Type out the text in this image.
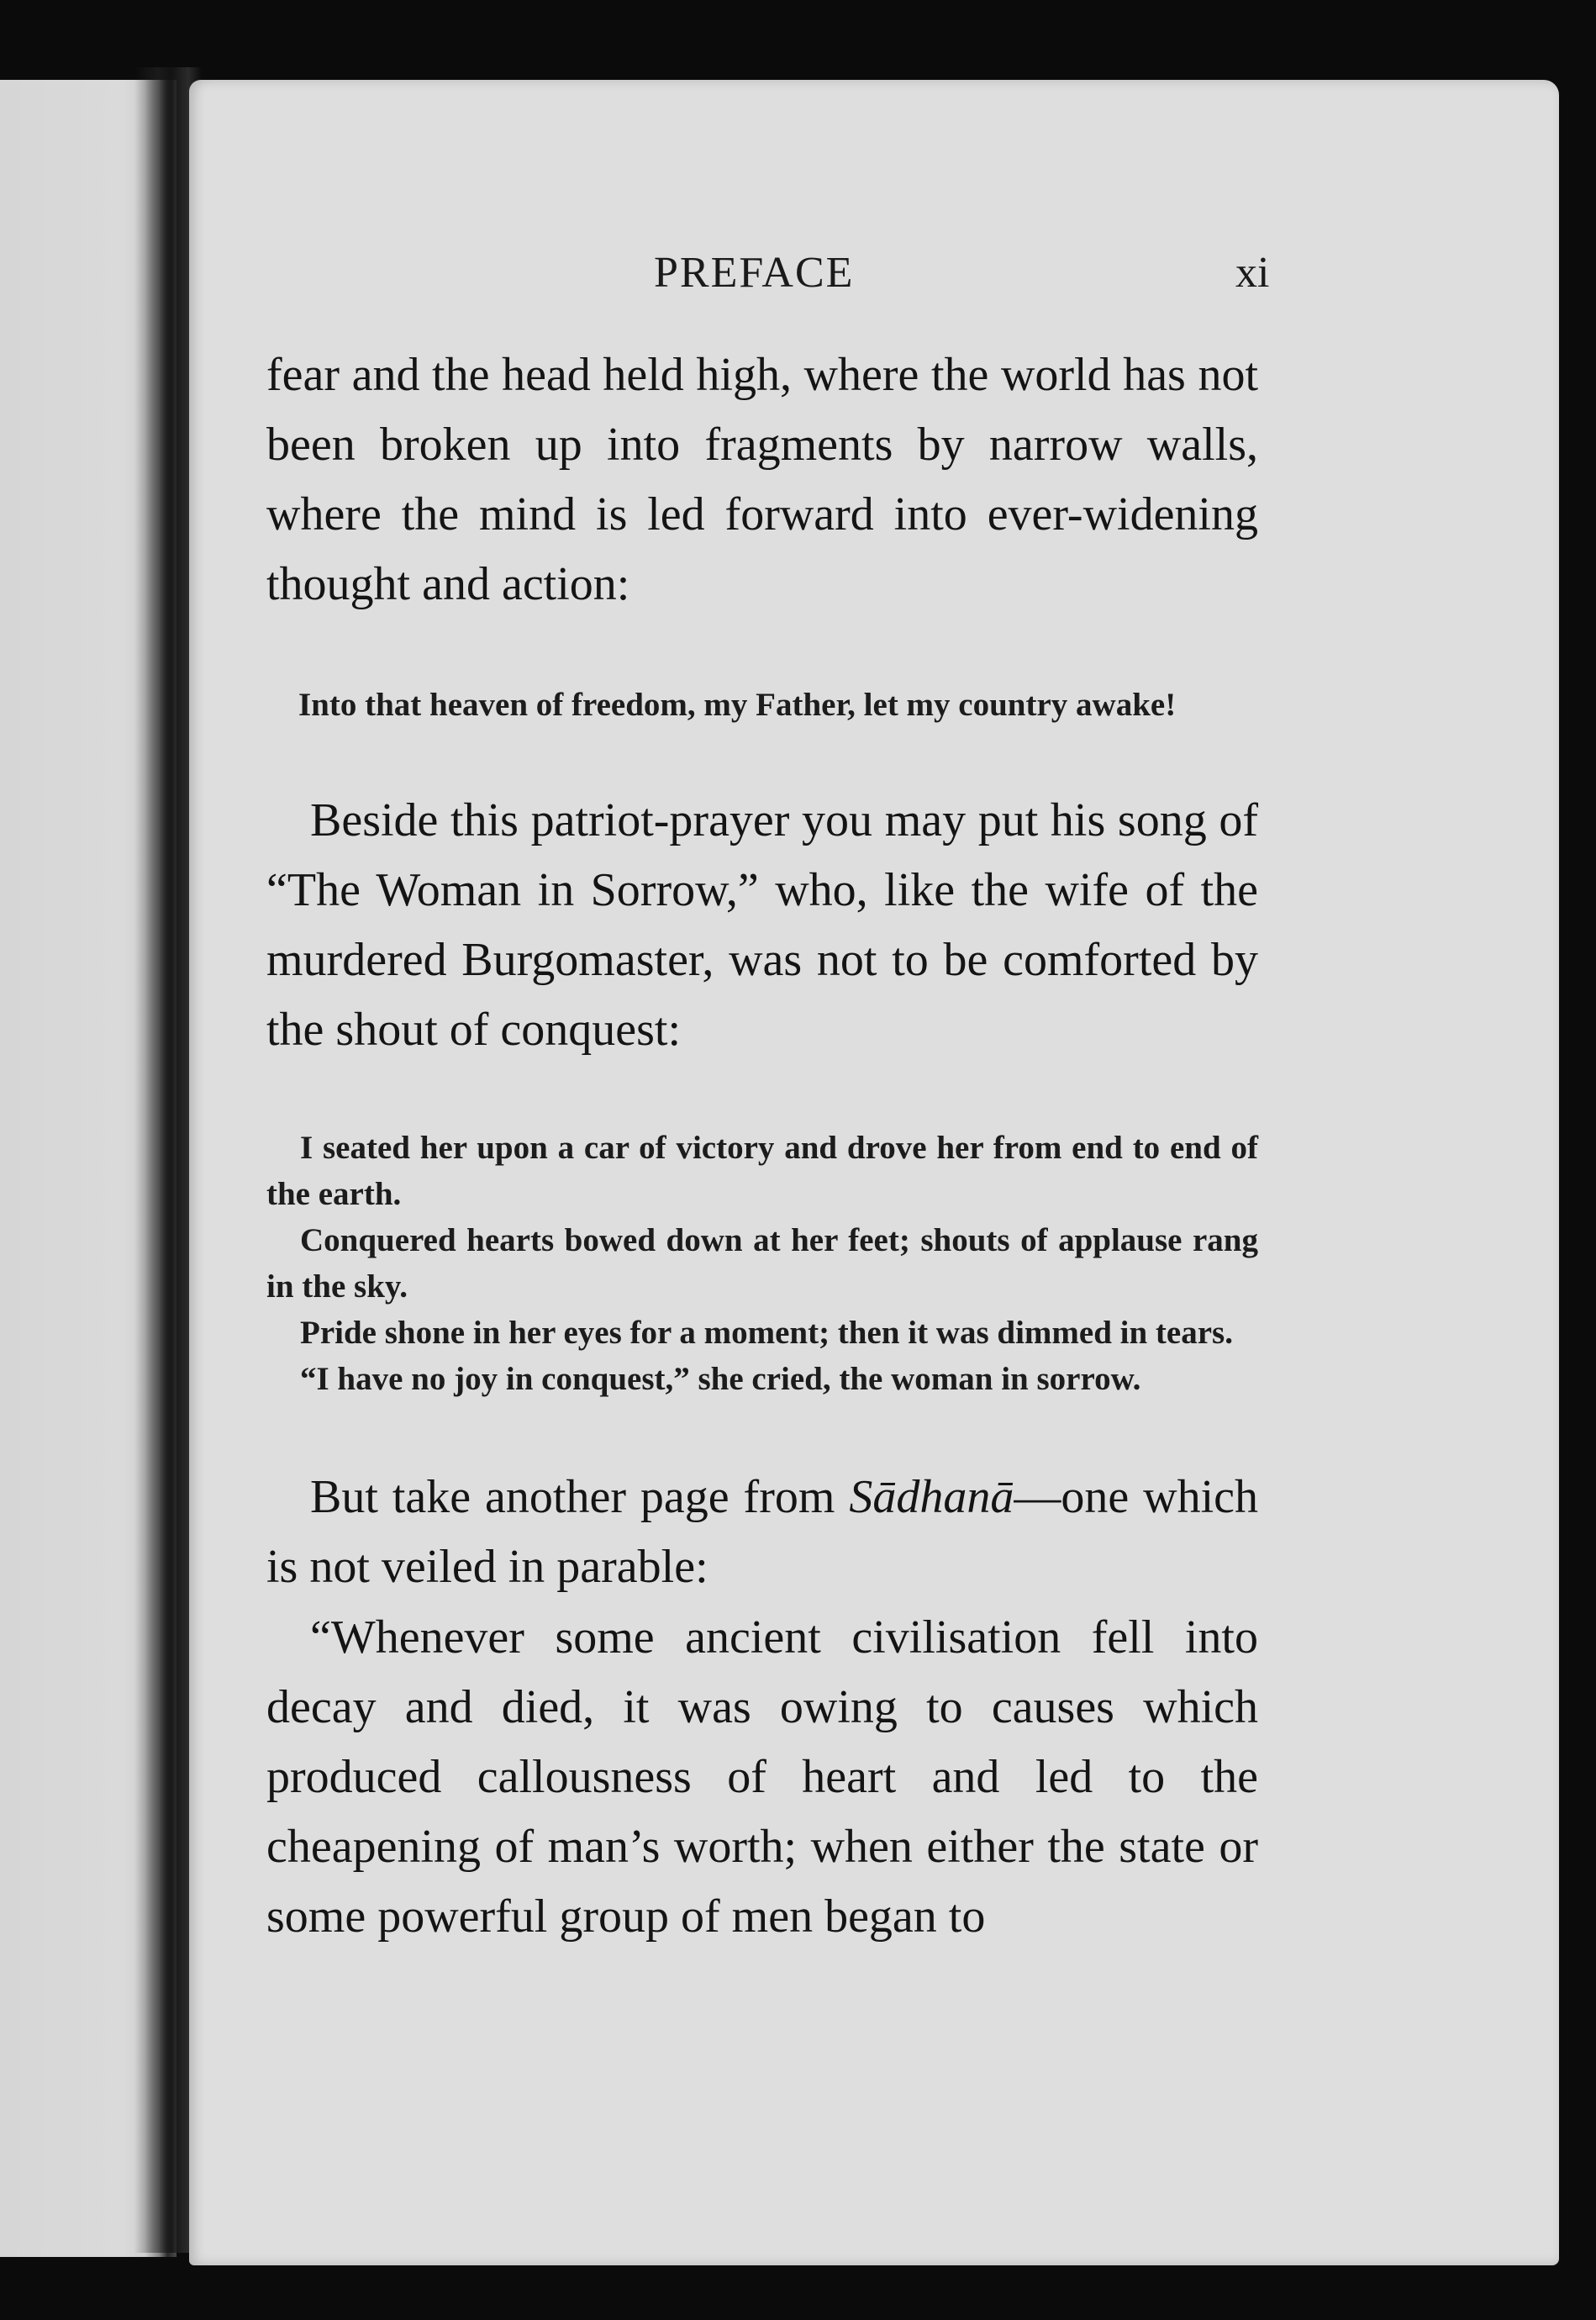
PREFACE	xi
fear and the head held high, where the world has not been broken up into fragments by narrow walls, where the mind is led forward into ever-widening thought and action:
Into that heaven of freedom, my Father, let my country awake!
Beside this patriot-prayer you may put his song of “The Woman in Sorrow,” who, like the wife of the murdered Burgomaster, was not to be comforted by the shout of conquest:
I seated her upon a car of victory and drove her from end to end of the earth.
Conquered hearts bowed down at her feet; shouts of applause rang in the sky.
Pride shone in her eyes for a moment; then it was dimmed in tears.
“I have no joy in conquest,” she cried, the woman in sorrow.
But take another page from Sādhanā—one which is not veiled in parable:
“Whenever some ancient civilisation fell into decay and died, it was owing to causes which produced callousness of heart and led to the cheapening of man’s worth; when either the state or some powerful group of men began to
